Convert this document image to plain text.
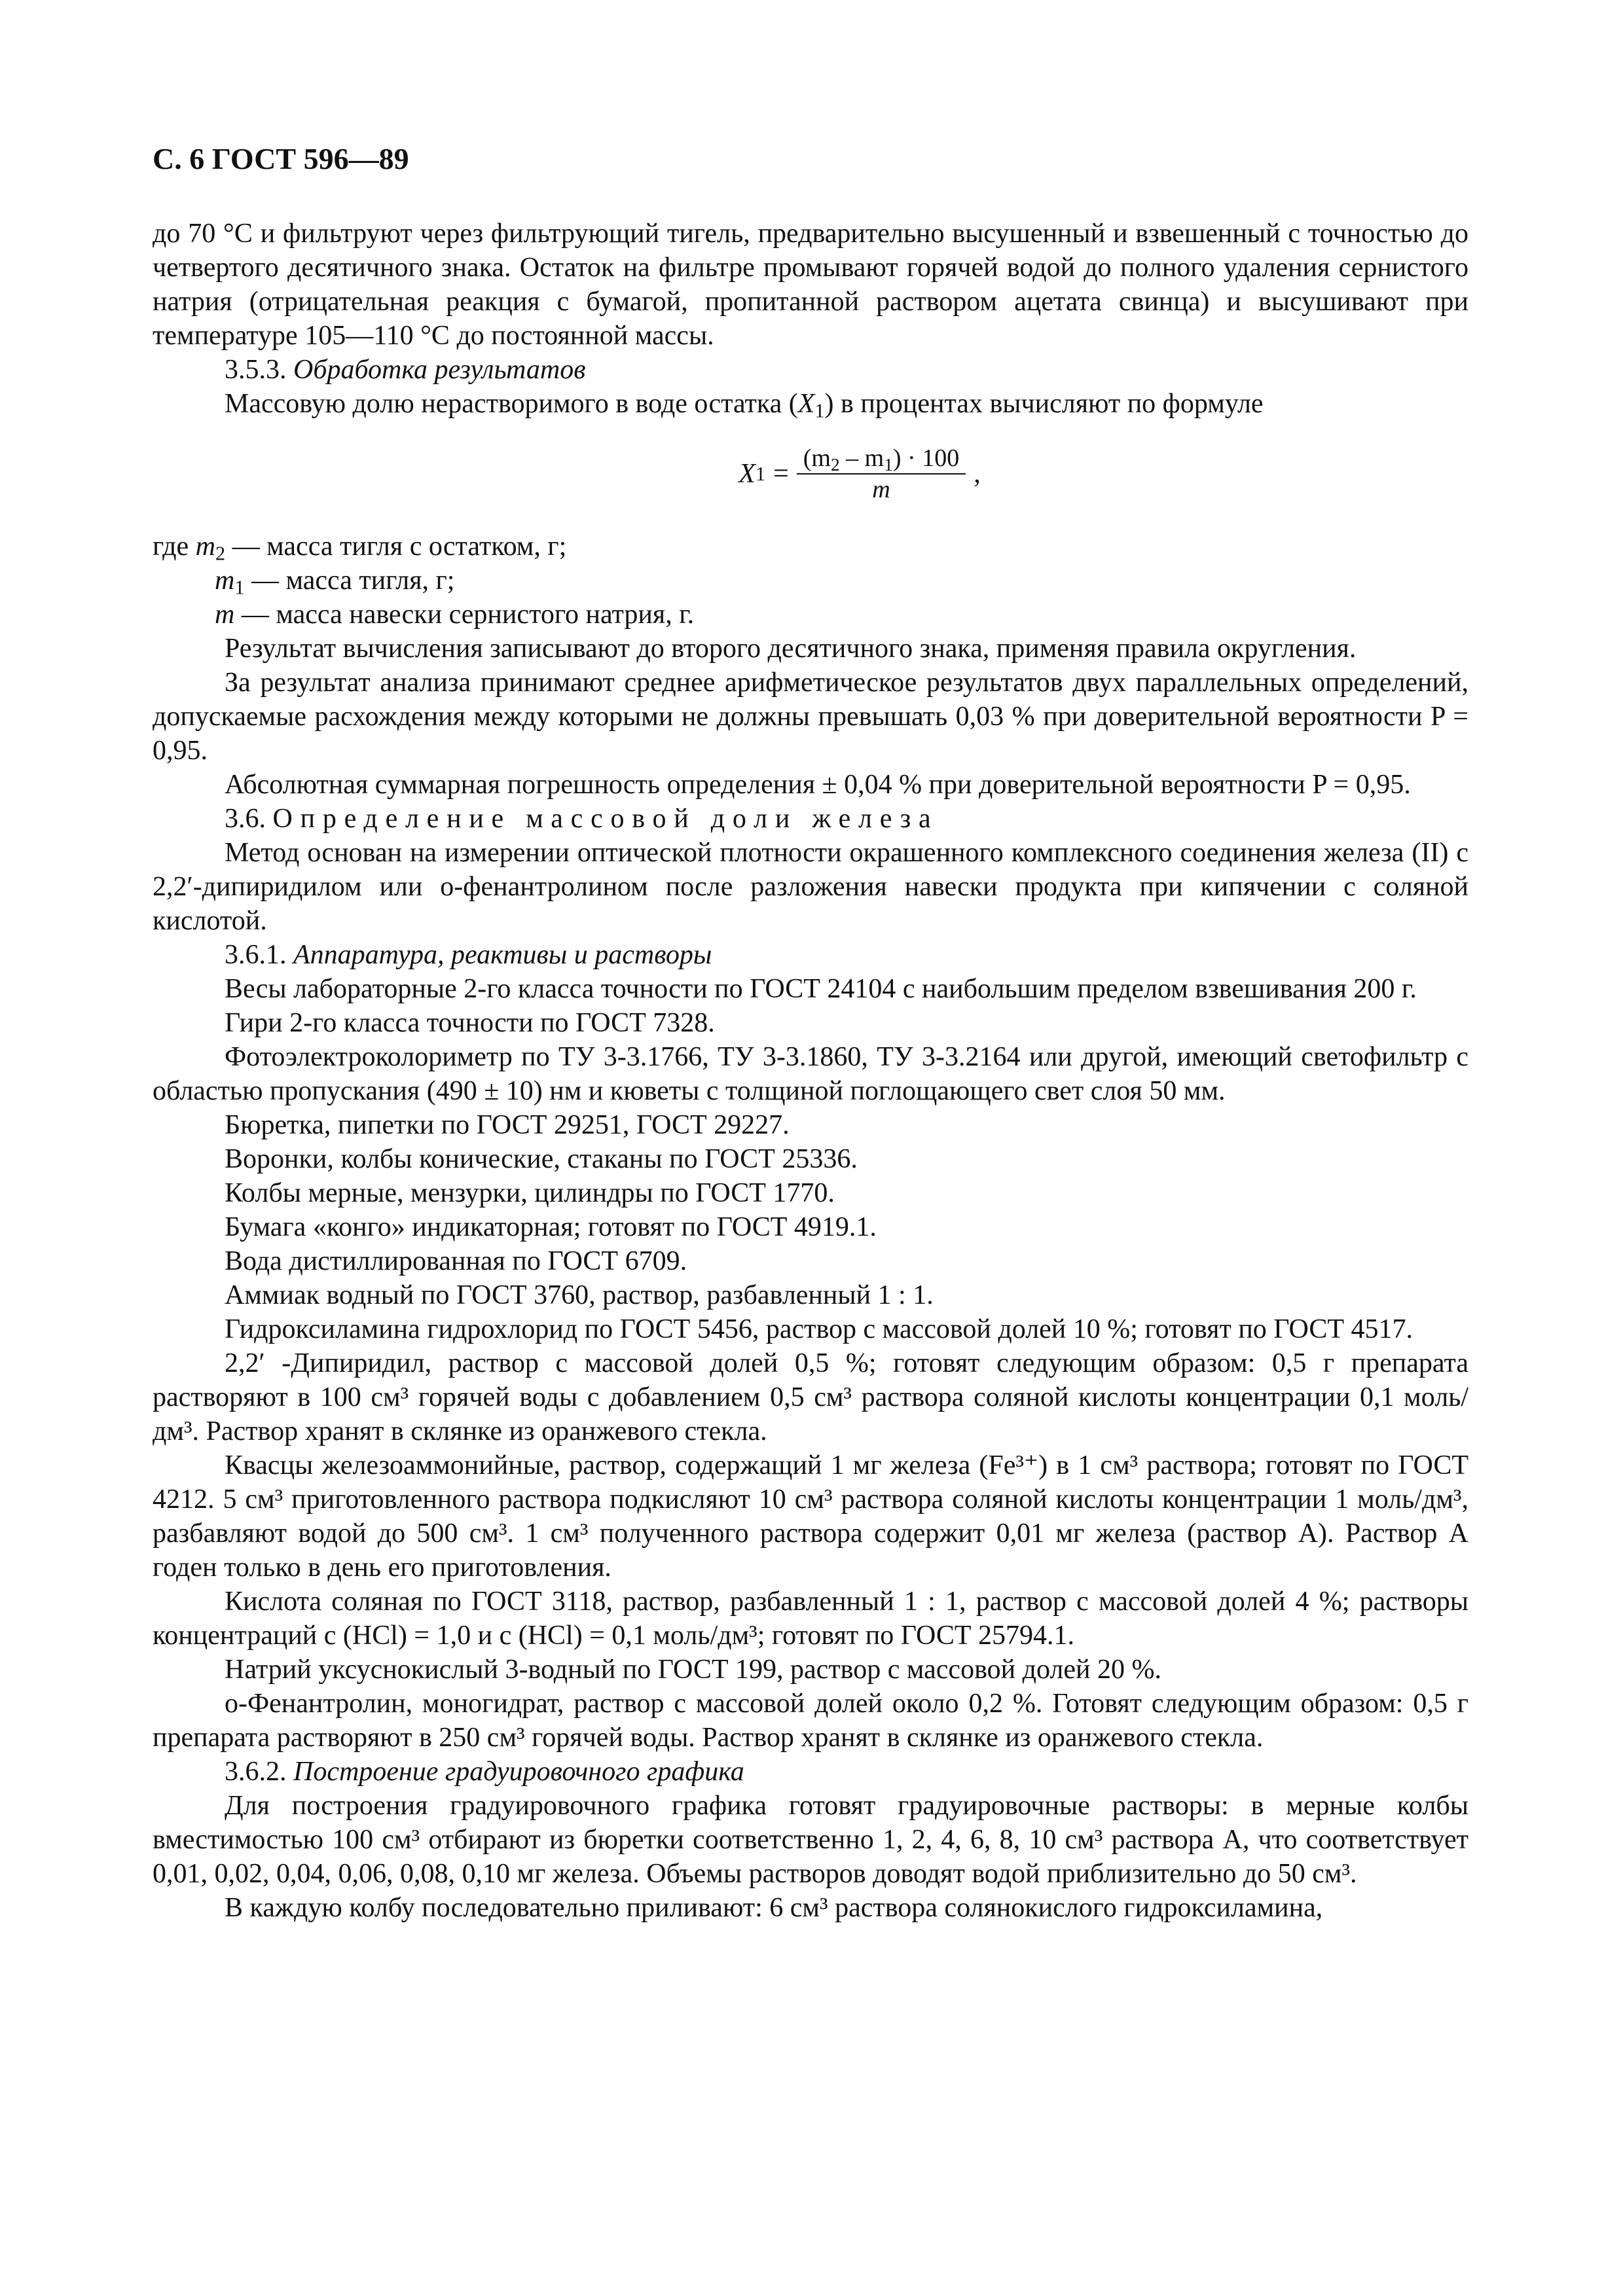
С. 6 ГОСТ 596—89

до 70 °С и фильтруют через фильтрующий тигель, предварительно высушенный и взвешенный с точностью до четвертого десятичного знака. Остаток на фильтре промывают горячей водой до полного удаления сернистого натрия (отрицательная реакция с бумагой, пропитанной раствором ацетата свинца) и высушивают при температуре 105—110 °С до постоянной массы.

3.5.3. Обработка результатов

Массовую долю нерастворимого в воде остатка $(X_1)$ в процентах вычисляют по формуле

X $1 = \frac{(m_2 - m_1) \cdot 100}{m}$ ,

где $m_2$ — масса тигля с остатком, г;

$m_1$ — масса тигля, г;

m — масса навески сернистого натрия, г.

Результат вычисления записывают до второго десятичного знака, применяя правила округления.

За результат анализа принимают среднее арифметическое результатов двух параллельных определений, допускаемые расхождения между которыми не должны превышать 0,03 % при доверительной вероятности P = 0,95.

Абсолютная суммарная погрешность определения ± 0,04 % при доверительной вероятности P = 0,95.

3.6. Определение массовой доли железа

Метод основан на измерении оптической плотности окрашенного комплексного соединения железа (II) с 2,2′-дипиридилом или о-фенантролином после разложения навески продукта при кипячении с соляной кислотой.

3.6.1. Аппаратура, реактивы и растворы

Весы лабораторные 2-го класса точности по ГОСТ 24104 с наибольшим пределом взвешивания 200 г.

Гири 2-го класса точности по ГОСТ 7328.

Фотоэлектроколориметр по ТУ 3-3.1766, ТУ 3-3.1860, ТУ 3-3.2164 или другой, имеющий светофильтр с областью пропускания (490 ± 10) нм и кюветы с толщиной поглощающего свет слоя 50 мм.

Бюретка, пипетки по ГОСТ 29251, ГОСТ 29227.

Воронки, колбы конические, стаканы по ГОСТ 25336.

Колбы мерные, мензурки, цилиндры по ГОСТ 1770.

Бумага «конго» индикаторная; готовят по ГОСТ 4919.1.

Вода дистиллированная по ГОСТ 6709.

Аммиак водный по ГОСТ 3760, раствор, разбавленный 1 : 1.

Гидроксиламина гидрохлорид по ГОСТ 5456, раствор с массовой долей 10 %; готовят по ГОСТ 4517.

2,2′ -Дипиридил, раствор с массовой долей 0,5 %; готовят следующим образом: 0,5 г препарата растворяют в 100 см³ горячей воды с добавлением 0,5 см³ раствора соляной кислоты концентрации 0,1 моль/дм³. Раствор хранят в склянке из оранжевого стекла.

Квасцы железоаммонийные, раствор, содержащий 1 мг железа (Fe³⁺) в 1 см³ раствора; готовят по ГОСТ 4212. 5 см³ приготовленного раствора подкисляют 10 см³ раствора соляной кислоты концентрации 1 моль/дм³, разбавляют водой до 500 см³. 1 см³ полученного раствора содержит 0,01 мг железа (раствор А). Раствор А годен только в день его приготовления.

Кислота соляная по ГОСТ 3118, раствор, разбавленный 1 : 1, раствор с массовой долей 4 %; растворы концентраций с (HCl) = 1,0 и с (HCl) = 0,1 моль/дм³; готовят по ГОСТ 25794.1.

Натрий уксуснокислый 3-водный по ГОСТ 199, раствор с массовой долей 20 %.

о-Фенантролин, моногидрат, раствор с массовой долей около 0,2 %. Готовят следующим образом: 0,5 г препарата растворяют в 250 см³ горячей воды. Раствор хранят в склянке из оранжевого стекла.

3.6.2. Построение градуировочного графика

Для построения градуировочного графика готовят градуировочные растворы: в мерные колбы вместимостью 100 см³ отбирают из бюретки соответственно 1, 2, 4, 6, 8, 10 см³ раствора А, что соответствует 0,01, 0,02, 0,04, 0,06, 0,08, 0,10 мг железа. Объемы растворов доводят водой приблизительно до 50 см³.

В каждую колбу последовательно приливают: 6 см³ раствора солянокислого гидроксиламина,
